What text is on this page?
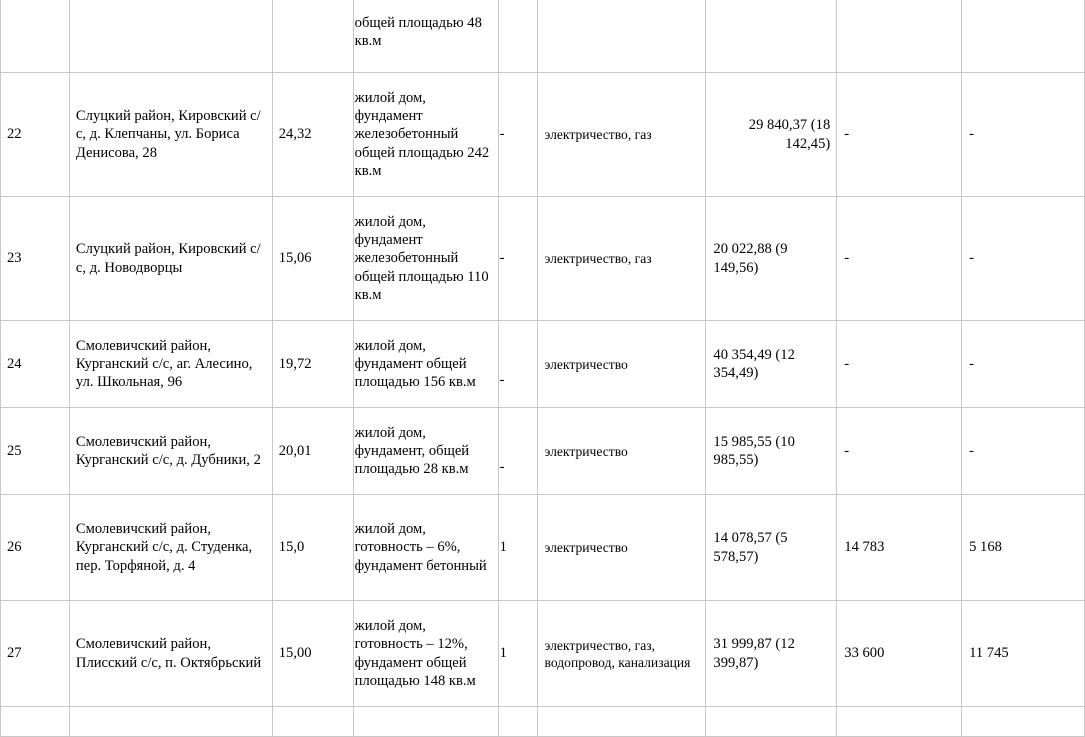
			общей площадью 48 кв.м					
22	Слуцкий район, Кировский с/с, д. Клепчаны, ул. Бориса Денисова, 28	24,32	жилой дом, фундамент железобетонный общей площадью 242 кв.м	-	электричество, газ	29 840,37 (18 142,45)	-	-
23	Слуцкий район, Кировский с/с, д. Новодворцы	15,06	жилой дом, фундамент железобетонный общей площадью 110 кв.м	-	электричество, газ	20 022,88 (9 149,56)	-	-
24	Смолевичский район, Курганский с/с, аг. Алесино, ул. Школьная, 96	19,72	жилой дом, фундамент общей площадью 156 кв.м	-	электричество	40 354,49 (12 354,49)	-	-
25	Смолевичский район, Курганский с/с, д. Дубники, 2	20,01	жилой дом, фундамент, общей площадью 28 кв.м	-	электричество	15 985,55 (10 985,55)	-	-
26	Смолевичский район, Курганский с/с, д. Студенка, пер. Торфяной, д. 4	15,0	жилой дом, готовность – 6%, фундамент бетонный	1	электричество	14 078,57 (5 578,57)	14 783	5 168
27	Смолевичский район, Плисский с/с, п. Октябрьский	15,00	жилой дом, готовность – 12%, фундамент общей площадью 148 кв.м	1	электричество, газ, водопровод, канализация	31 999,87 (12 399,87)	33 600	11 745
